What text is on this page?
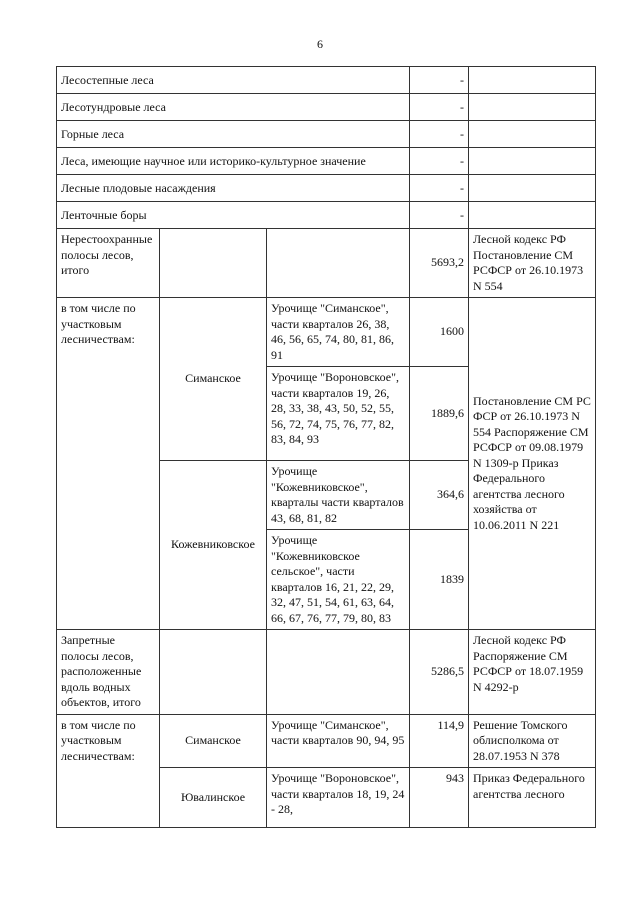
6
Лесостепные леса			-	
Лесотундровые леса			-	
Горные леса			-	
Леса, имеющие научное или историко-культурное значение			-	
Лесные плодовые насаждения			-	
Ленточные боры			-	
Нерестоохранные полосы лесов, итого			5693,2	Лесной кодекс РФ Постановление СМ РСФСР от 26.10.1973 N 554
в том числе по участковым лесничествам:	Симанское	Урочище "Симанское", части кварталов 26, 38, 46, 56, 65, 74, 80, 81, 86, 91	1600	Постановление СМ РС ФСР от 26.10.1973 N 554 Распоряжение СМ РСФСР от 09.08.1979 N 1309-р Приказ Федерального агентства лесного хозяйства от 10.06.2011 N 221
		Урочище "Вороновское", части кварталов 19, 26, 28, 33, 38, 43, 50, 52, 55, 56, 72, 74, 75, 76, 77, 82, 83, 84, 93	1889,6	
	Кожевниковское	Урочище "Кожевниковское", кварталы части кварталов 43, 68, 81, 82	364,6	
		Урочище "Кожевниковское сельское", части кварталов 16, 21, 22, 29, 32, 47, 51, 54, 61, 63, 64, 66, 67, 76, 77, 79, 80, 83	1839	
Запретные полосы лесов, расположенные вдоль водных объектов, итого			5286,5	Лесной кодекс РФ Распоряжение СМ РСФСР от 18.07.1959 N 4292-р
в том числе по участковым лесничествам:	Симанское	Урочище "Симанское", части кварталов 90, 94, 95	114,9	Решение Томского облисполкома от 28.07.1953 N 378
	Ювалинское	Урочище "Вороновское", части кварталов 18, 19, 24 - 28,	943	Приказ Федерального агентства лесного
